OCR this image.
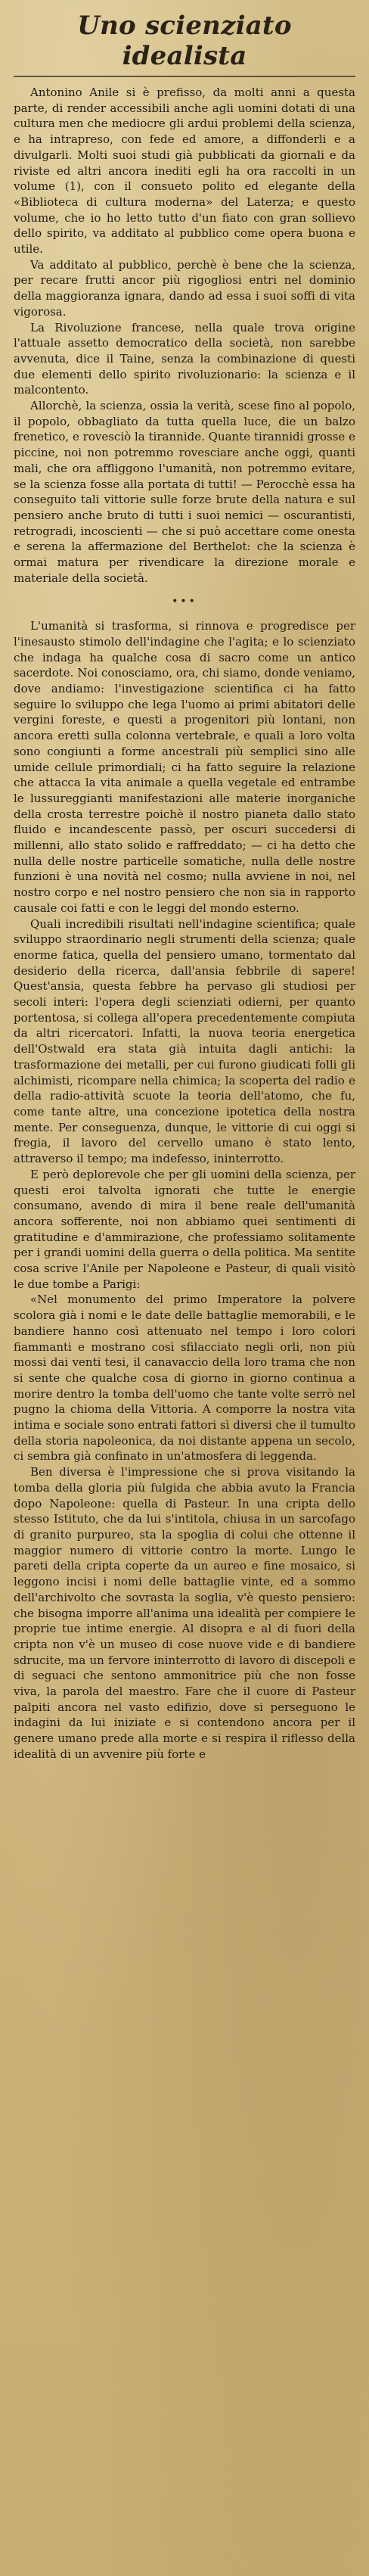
Uno scienziato idealista

Antonino Anile si è prefisso, da molti anni a questa parte, di render accessibili anche agli uomini dotati di una cultura men che mediocre gli ardui problemi della scienza, e ha intrapreso, con fede ed amore, a diffonderli e a divulgarli. Molti suoi studi già pubblicati da giornali e da riviste ed altri ancora inediti egli ha ora raccolti in un volume (1), con il consueto polito ed elegante della «Biblioteca di cultura moderna» del Laterza; e questo volume, che io ho letto tutto d'un fiato con gran sollievo dello spirito, va additato al pubblico come opera buona e utile.

Va additato al pubblico, perchè è bene che la scienza, per recare frutti ancor più rigogliosi entri nel dominio della maggioranza ignara, dando ad essa i suoi soffi di vita vigorosa.

La Rivoluzione francese, nella quale trova origine l'attuale assetto democratico della società, non sarebbe avvenuta, dice il Taine, senza la combinazione di questi due elementi dello spirito rivoluzionario: la scienza e il malcontento.

Allorchè, la scienza, ossia la verità, scese fino al popolo, il popolo, obbagliato da tutta quella luce, die un balzo frenetico, e rovesciò la tirannide. Quante tirannidi grosse e piccine, noi non potremmo rovesciare anche oggi, quanti mali, che ora affliggono l'umanità, non potremmo evitare, se la scienza fosse alla portata di tutti! — Perocchè essa ha conseguito tali vittorie sulle forze brute della natura e sul pensiero anche bruto di tutti i suoi nemici — oscurantisti, retrogradi, incoscienti — che si può accettare come onesta e serena la affermazione del Berthelot: che la scienza è ormai matura per rivendicare la direzione morale e materiale della società.

•••

L'umanità si trasforma, si rinnova e progredisce per l'inesausto stimolo dell'indagine che l'agita; e lo scienziato che indaga ha qualche cosa di sacro come un antico sacerdote. Noi conosciamo, ora, chi siamo, donde veniamo, dove andiamo: l'investigazione scientifica ci ha fatto seguire lo sviluppo che lega l'uomo ai primi abitatori delle vergini foreste, e questi a progenitori più lontani, non ancora eretti sulla colonna vertebrale, e quali a loro volta sono congiunti a forme ancestrali più semplici sino alle umide cellule primordiali; ci ha fatto seguire la relazione che attacca la vita animale a quella vegetale ed entrambe le lussureggianti manifestazioni alle materie inorganiche della crosta terrestre poichè il nostro pianeta dallo stato fluido e incandescente passò, per oscuri succedersi di millenni, allo stato solido e raffreddato; — ci ha detto che nulla delle nostre particelle somatiche, nulla delle nostre funzioni è una novità nel cosmo; nulla avviene in noi, nel nostro corpo e nel nostro pensiero che non sia in rapporto causale coi fatti e con le leggi del mondo esterno.

Quali incredibili risultati nell'indagine scientifica; quale sviluppo straordinario negli strumenti della scienza; quale enorme fatica, quella del pensiero umano, tormentato dal desiderio della ricerca, dall'ansia febbrile di sapere! Quest'ansia, questa febbre ha pervaso gli studiosi per secoli interi: l'opera degli scienziati odierni, per quanto portentosa, si collega all'opera precedentemente compiuta da altri ricercatori. Infatti, la nuova teoria energetica dell'Ostwald era stata già intuita dagli antichi: la trasformazione dei metalli, per cui furono giudicati folli gli alchimisti, ricompare nella chimica; la scoperta del radio e della radio-attività scuote la teoria dell'atomo, che fu, come tante altre, una concezione ipotetica della nostra mente. Per conseguenza, dunque, le vittorie di cui oggi si fregia, il lavoro del cervello umano è stato lento, attraverso il tempo; ma indefesso, ininterrotto.

E però deplorevole che per gli uomini della scienza, per questi eroi talvolta ignorati che tutte le energie consumano, avendo di mira il bene reale dell'umanità ancora sofferente, noi non abbiamo quei sentimenti di gratitudine e d'ammirazione, che professiamo solitamente per i grandi uomini della guerra o della politica. Ma sentite cosa scrive l'Anile per Napoleone e Pasteur, di quali visitò le due tombe a Parigi:

«Nel monumento del primo Imperatore la polvere scolora già i nomi e le date delle battaglie memorabili, e le bandiere hanno così attenuato nel tempo i loro colori fiammanti e mostrano così sfilacciato negli orli, non più mossi dai venti tesi, il canavaccio della loro trama che non si sente che qualche cosa di giorno in giorno continua a morire dentro la tomba dell'uomo che tante volte serrò nel pugno la chioma della Vittoria. A comporre la nostra vita intima e sociale sono entrati fattori sì diversi che il tumulto della storia napoleonica, da noi distante appena un secolo, ci sembra già confinato in un'atmosfera di leggenda.

Ben diversa è l'impressione che si prova visitando la tomba della gloria più fulgida che abbia avuto la Francia dopo Napoleone: quella di Pasteur. In una cripta dello stesso Istituto, che da lui s'intitola, chiusa in un sarcofago di granito purpureo, sta la spoglia di colui che ottenne il maggior numero di vittorie contro la morte. Lungo le pareti della cripta coperte da un aureo e fine mosaico, si leggono incisi i nomi delle battaglie vinte, ed a sommo dell'archivolto che sovrasta la soglia, v'è questo pensiero: che bisogna imporre all'anima una idealità per compiere le proprie tue intime energie. Al disopra e al di fuori della cripta non v'è un museo di cose nuove vide e di bandiere sdrucite, ma un fervore ininterrotto di lavoro di discepoli e di seguaci che sentono ammonitrice più che non fosse viva, la parola del maestro. Fare che il cuore di Pasteur palpiti ancora nel vasto edifizio, dove si perseguono le indagini da lui iniziate e si contendono ancora per il genere umano prede alla morte e si respira il riflesso della idealità di un avvenire più forte e
